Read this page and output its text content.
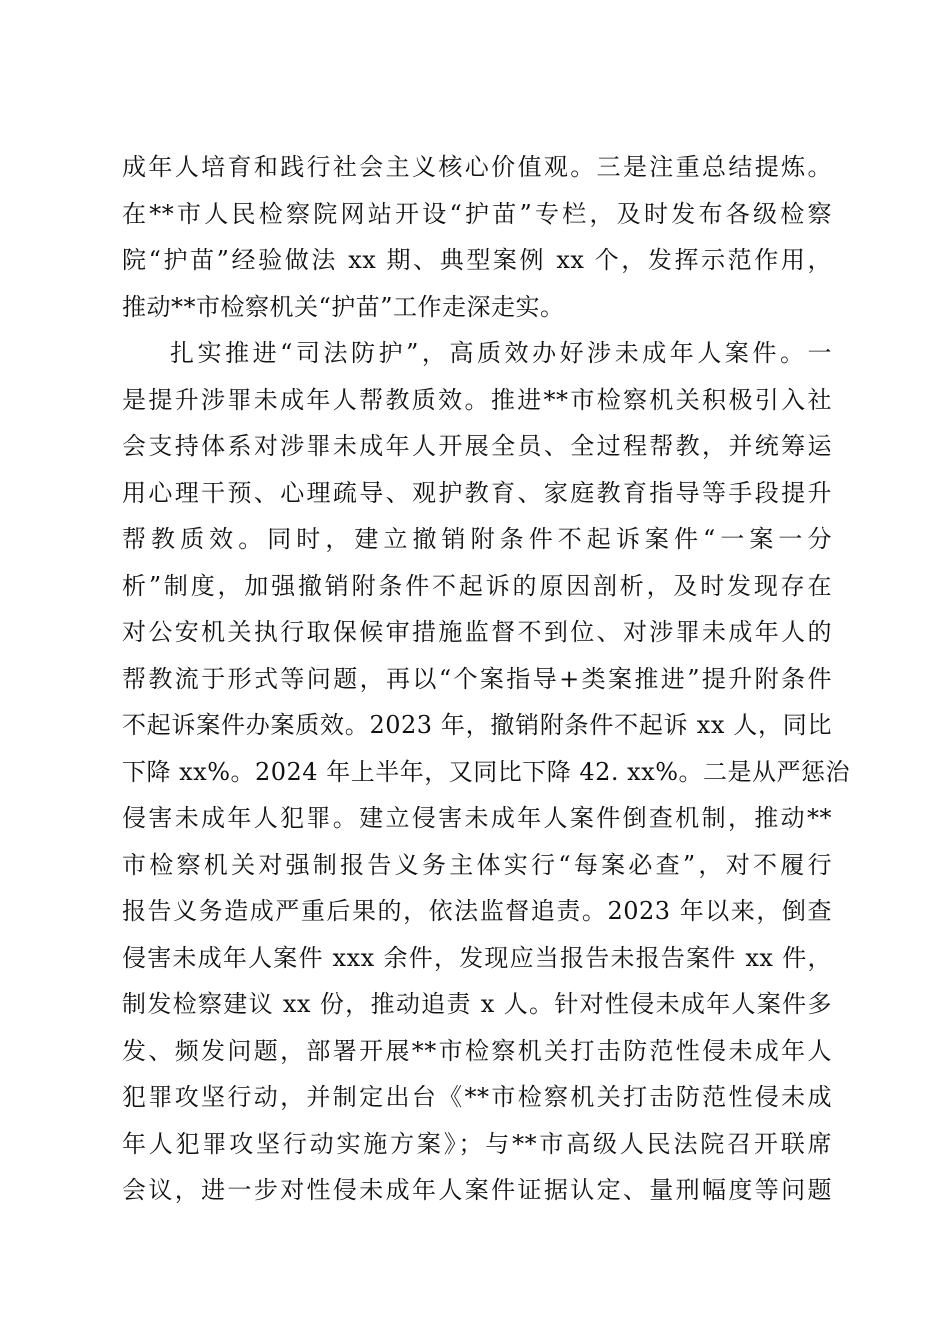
成年人培育和践行社会主义核心价值观。三是注重总结提炼。
在**市人民检察院网站开设“护苗”专栏，及时发布各级检察
院“护苗”经验做法 xx 期、典型案例 xx 个，发挥示范作用，
推动**市检察机关“护苗”工作走深走实。
扎实推进“司法防护”，高质效办好涉未成年人案件。一
是提升涉罪未成年人帮教质效。推进**市检察机关积极引入社
会支持体系对涉罪未成年人开展全员、全过程帮教，并统筹运
用心理干预、心理疏导、观护教育、家庭教育指导等手段提升
帮教质效。同时，建立撤销附条件不起诉案件“一案一分
析”制度，加强撤销附条件不起诉的原因剖析，及时发现存在
对公安机关执行取保候审措施监督不到位、对涉罪未成年人的
帮教流于形式等问题，再以“个案指导+类案推进”提升附条件
不起诉案件办案质效。2023 年，撤销附条件不起诉 xx 人，同比
下降 xx%。2024 年上半年，又同比下降 42. xx%。二是从严惩治
侵害未成年人犯罪。建立侵害未成年人案件倒查机制，推动**
市检察机关对强制报告义务主体实行“每案必查”，对不履行
报告义务造成严重后果的，依法监督追责。2023 年以来，倒查
侵害未成年人案件 xxx 余件，发现应当报告未报告案件 xx 件，
制发检察建议 xx 份，推动追责 x 人。针对性侵未成年人案件多
发、频发问题，部署开展**市检察机关打击防范性侵未成年人
犯罪攻坚行动，并制定出台《**市检察机关打击防范性侵未成
年人犯罪攻坚行动实施方案》；与**市高级人民法院召开联席
会议，进一步对性侵未成年人案件证据认定、量刑幅度等问题
